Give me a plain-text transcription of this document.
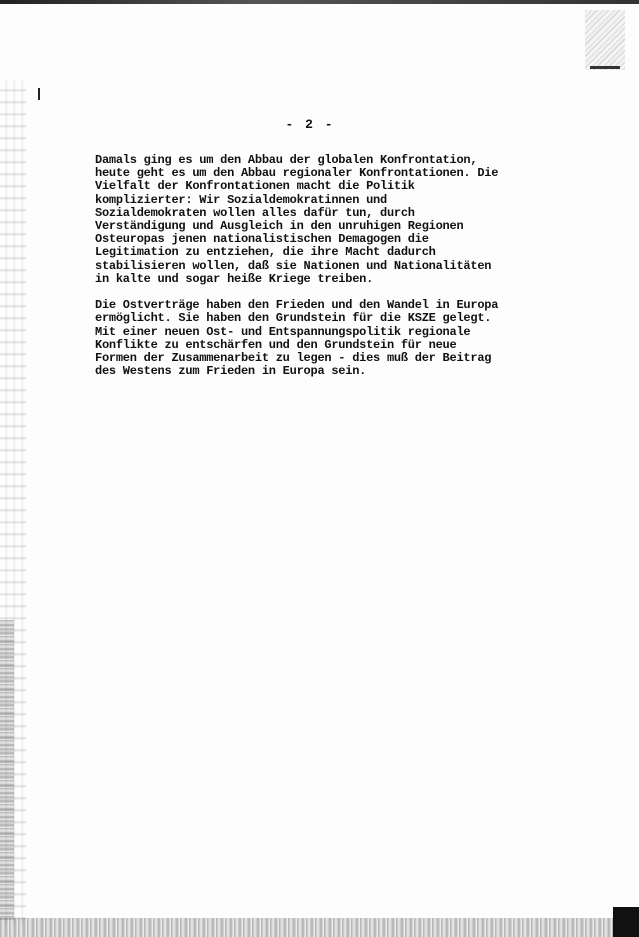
- 2 -
Damals ging es um den Abbau der globalen Konfrontation,
heute geht es um den Abbau regionaler Konfrontationen. Die
Vielfalt der Konfrontationen macht die Politik
komplizierter: Wir Sozialdemokratinnen und
Sozialdemokraten wollen alles dafür tun, durch
Verständigung und Ausgleich in den unruhigen Regionen
Osteuropas jenen nationalistischen Demagogen die
Legitimation zu entziehen, die ihre Macht dadurch
stabilisieren wollen, daß sie Nationen und Nationalitäten
in kalte und sogar heiße Kriege treiben.
Die Ostverträge haben den Frieden und den Wandel in Europa
ermöglicht. Sie haben den Grundstein für die KSZE gelegt.
Mit einer neuen Ost- und Entspannungspolitik regionale
Konflikte zu entschärfen und den Grundstein für neue
Formen der Zusammenarbeit zu legen - dies muß der Beitrag
des Westens zum Frieden in Europa sein.
